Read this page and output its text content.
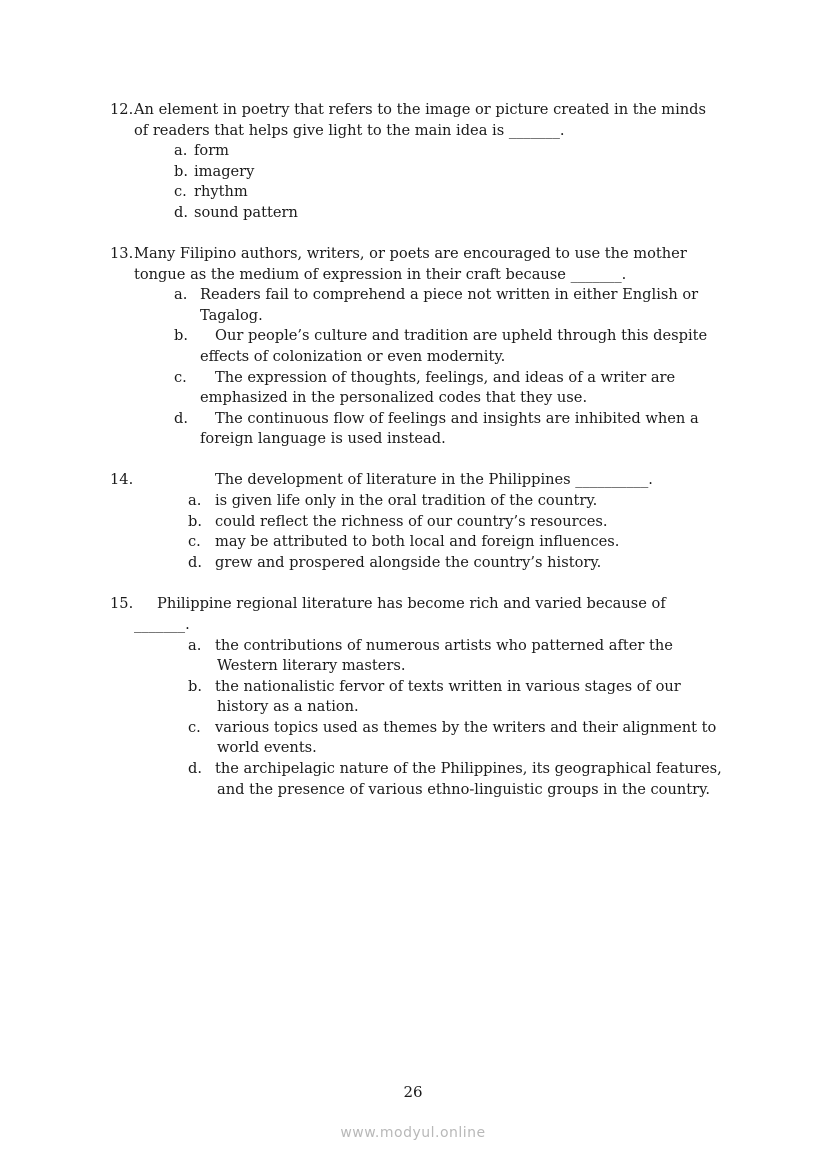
12. An element in poetry that refers to the image or picture created in the minds
of readers that helps give light to the main idea is _______.
a. form
b. imagery
c. rhythm
d. sound pattern
13. Many Filipino authors, writers, or poets are encouraged to use the mother
tongue as the medium of expression in their craft because _______.
a. Readers fail to comprehend a piece not written in either English or
Tagalog.
b. Our people’s culture and tradition are upheld through this despite
effects of colonization or even modernity.
c. The expression of thoughts, feelings, and ideas of a writer are
emphasized in the personalized codes that they use.
d. The continuous flow of feelings and insights are inhibited when a
foreign language is used instead.
14.	The development of literature in the Philippines __________.
a. is given life only in the oral tradition of the country.
b. could reflect the richness of our country’s resources.
c. may be attributed to both local and foreign influences.
d. grew and prospered alongside the country’s history.
15. Philippine regional literature has become rich and varied because of
_______.
a. the contributions of numerous artists who patterned after the
Western literary masters.
b. the nationalistic fervor of texts written in various stages of our
history as a nation.
c. various topics used as themes by the writers and their alignment to
world events.
d. the archipelagic nature of the Philippines, its geographical features,
and the presence of various ethno-linguistic groups in the country.
26
www.modyul.online
